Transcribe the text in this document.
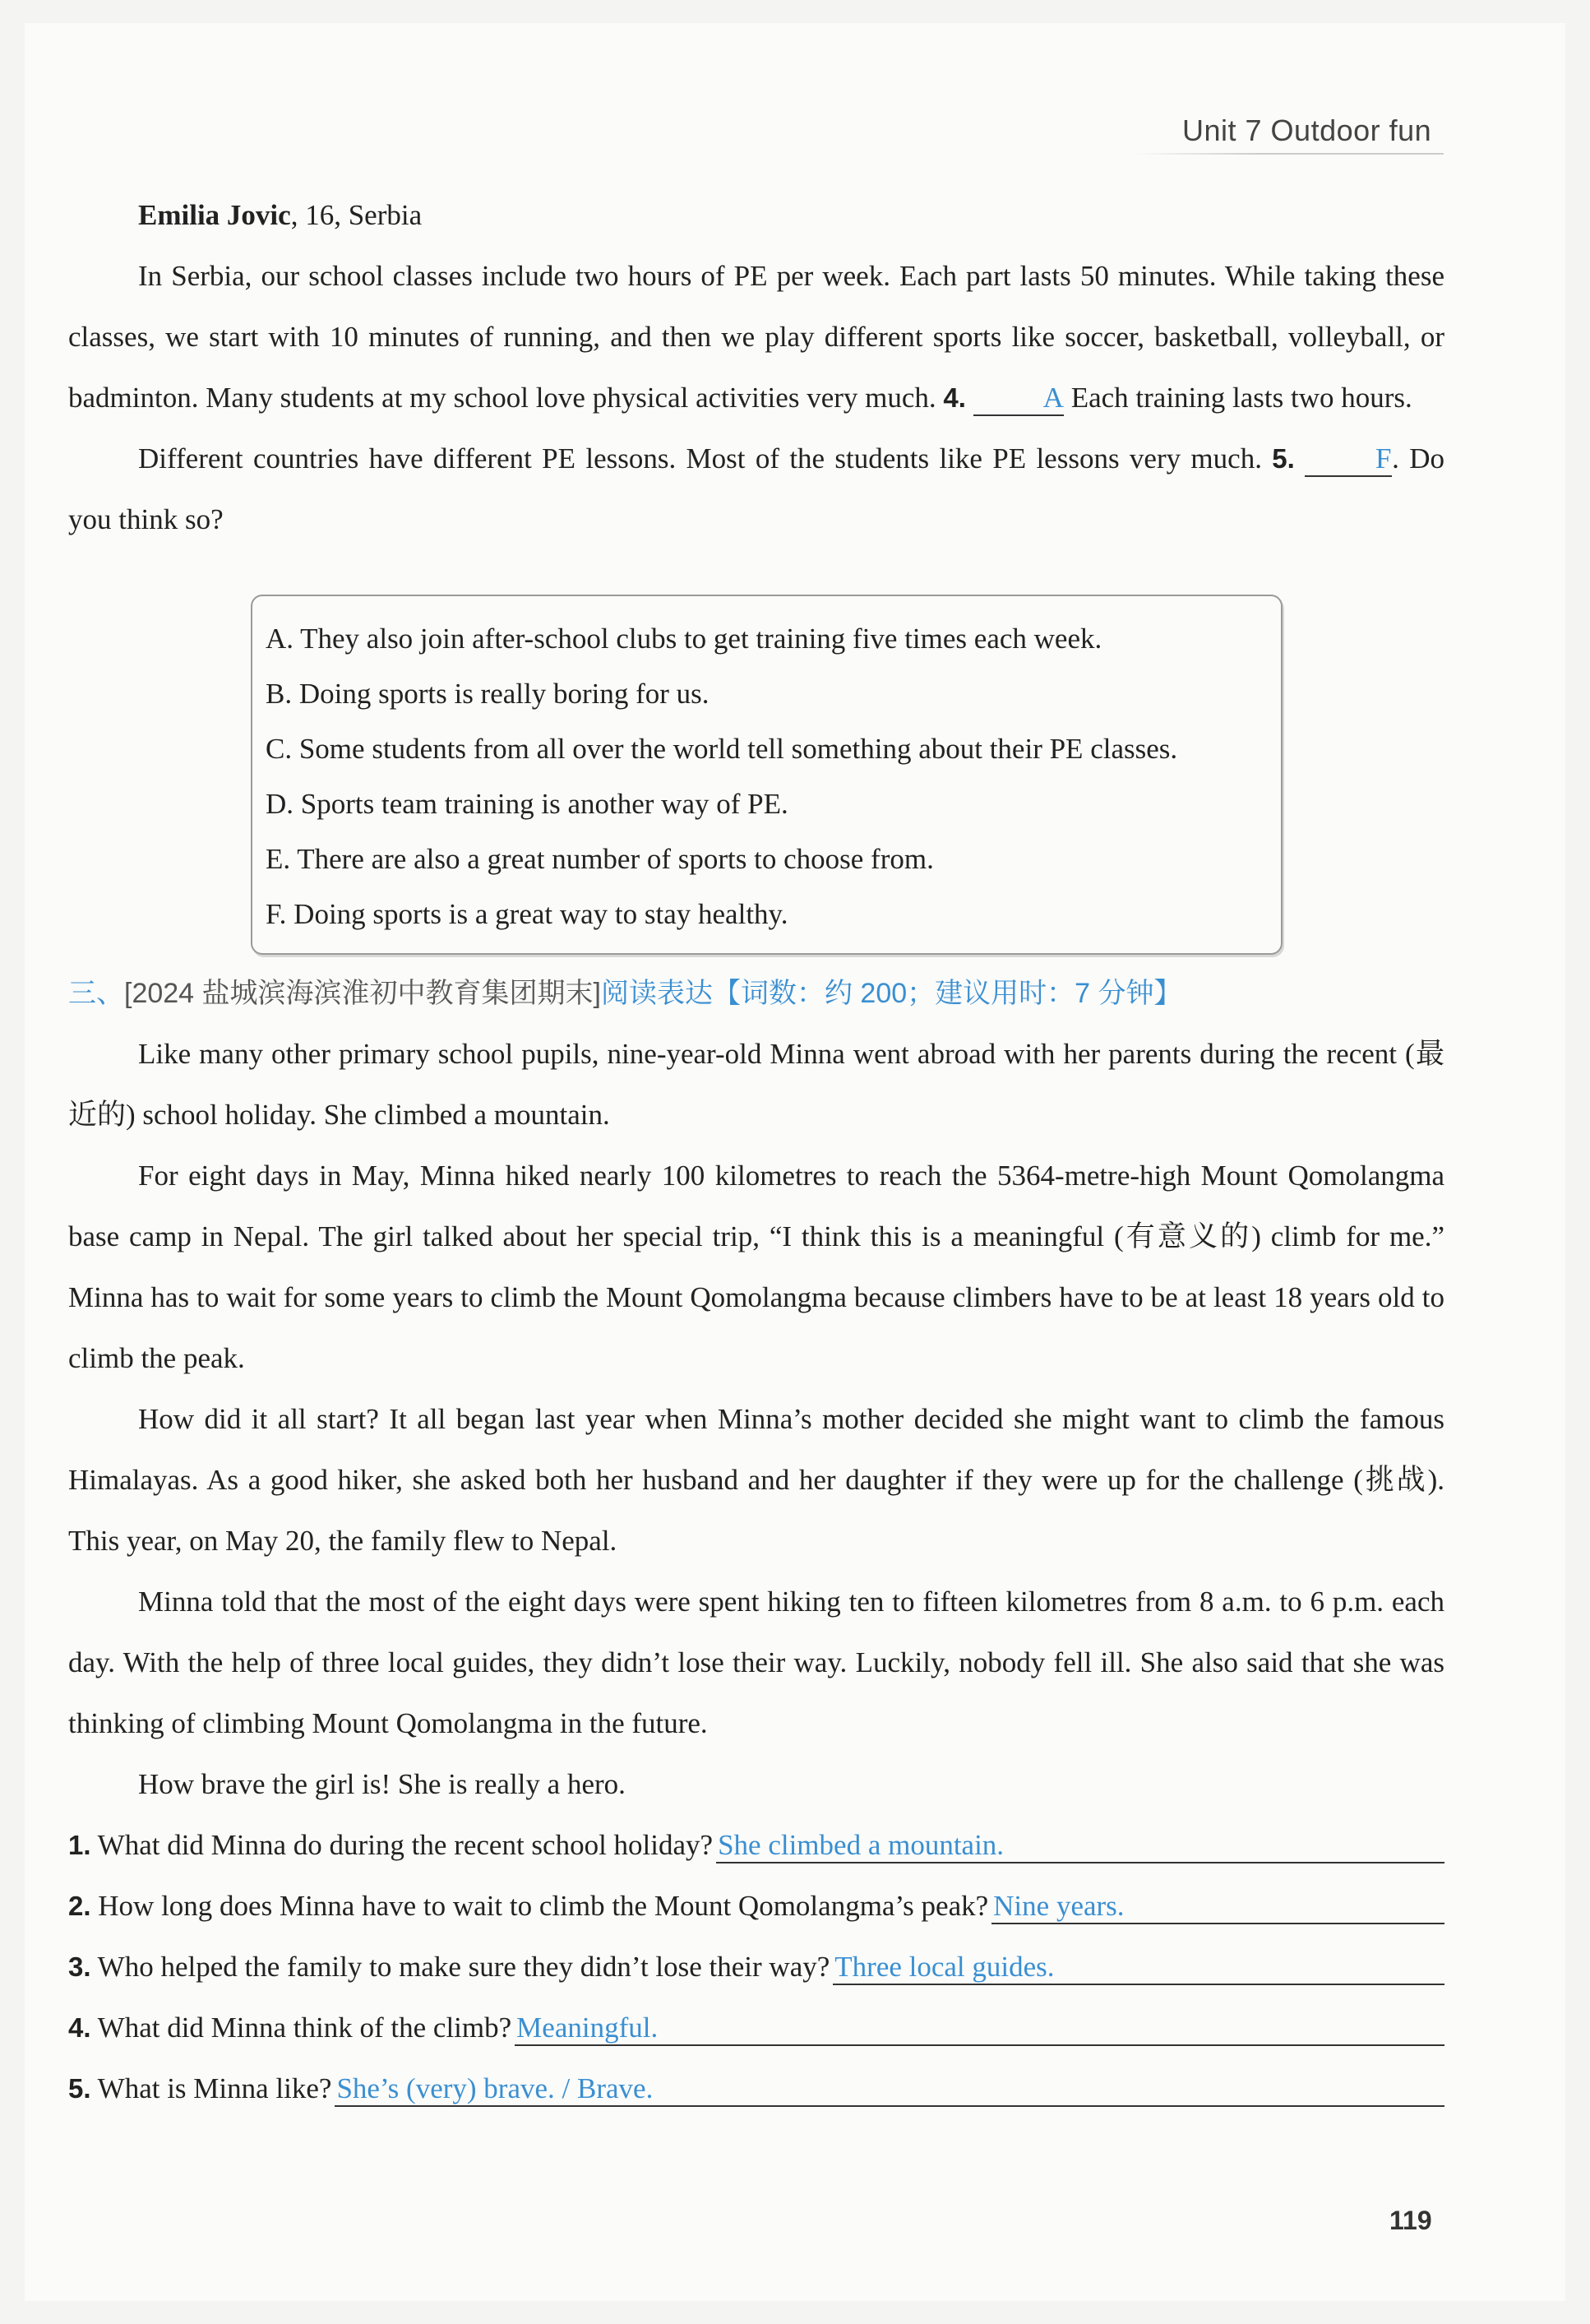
Unit 7 Outdoor fun

Emilia Jovic, 16, Serbia

In Serbia, our school classes include two hours of PE per week. Each part lasts 50 minutes. While taking these classes, we start with 10 minutes of running, and then we play different sports like soccer, basketball, volleyball, or badminton. Many students at my school love physical activities very much. 4.	A Each training lasts two hours.

Different countries have different PE lessons. Most of the students like PE lessons very much. 5.	F. Do you think so?

A. They also join after-school clubs to get training five times each week.
B. Doing sports is really boring for us.
C. Some students from all over the world tell something about their PE classes.
D. Sports team training is another way of PE.
E. There are also a great number of sports to choose from.
F. Doing sports is a great way to stay healthy.
三、[2024 盐城滨海滨淮初中教育集团期末]阅读表达【词数：约 200；建议用时：7 分钟】

Like many other primary school pupils, nine-year-old Minna went abroad with her parents during the recent (最近的) school holiday. She climbed a mountain.

For eight days in May, Minna hiked nearly 100 kilometres to reach the 5364-metre-high Mount Qomolangma base camp in Nepal. The girl talked about her special trip, “I think this is a meaningful (有意义的) climb for me.” Minna has to wait for some years to climb the Mount Qomolangma because climbers have to be at least 18 years old to climb the peak.

How did it all start? It all began last year when Minna’s mother decided she might want to climb the famous Himalayas. As a good hiker, she asked both her husband and her daughter if they were up for the challenge (挑战). This year, on May 20, the family flew to Nepal.

Minna told that the most of the eight days were spent hiking ten to fifteen kilometres from 8 a.m. to 6 p.m. each day. With the help of three local guides, they didn’t lose their way. Luckily, nobody fell ill. She also said that she was thinking of climbing Mount Qomolangma in the future.

How brave the girl is! She is really a hero.

1. What did Minna do during the recent school holiday? She climbed a mountain.
2. How long does Minna have to wait to climb the Mount Qomolangma’s peak? Nine years.
3. Who helped the family to make sure they didn’t lose their way? Three local guides.
4. What did Minna think of the climb? Meaningful.
5. What is Minna like? She’s (very) brave. / Brave.
119
